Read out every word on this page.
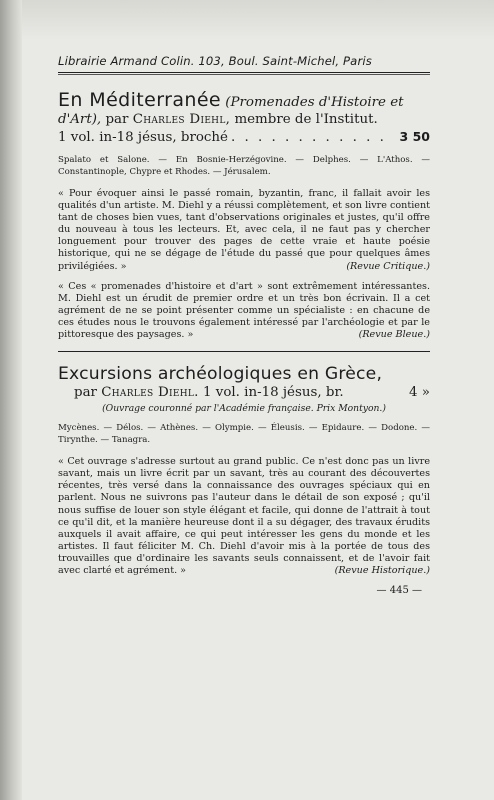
Librairie Armand Colin. 103, Boul. Saint-Michel, Paris

En Méditerranée (Promenades d'Histoire et d'Art), par Charles Diehl, membre de l'Institut.

1 vol. in-18 jésus, broché . . . . . . . . . . . .	3 50

Spalato et Salone. — En Bosnie-Herzégovine. — Delphes. — L'Athos. — Constantinople, Chypre et Rhodes. — Jérusalem.

« Pour évoquer ainsi le passé romain, byzantin, franc, il fallait avoir les qualités d'un artiste. M. Diehl y a réussi complètement, et son livre contient tant de choses bien vues, tant d'observations originales et justes, qu'il offre du nouveau à tous les lecteurs. Et, avec cela, il ne faut pas y chercher longuement pour trouver des pages de cette vraie et haute poésie historique, qui ne se dégage de l'étude du passé que pour quelques âmes privilégiées. »	(Revue Critique.)

« Ces « promenades d'histoire et d'art » sont extrêmement intéressantes. M. Diehl est un érudit de premier ordre et un très bon écrivain. Il a cet agrément de ne se point présenter comme un spécialiste : en chacune de ces études nous le trouvons également intéressé par l'archéologie et par le pittoresque des paysages. »	(Revue Bleue.)

Excursions archéologiques en Grèce,
par Charles Diehl. 1 vol. in-18 jésus, br.	4 »
(Ouvrage couronné par l'Académie française. Prix Montyon.)

Mycènes. — Délos. — Athènes. — Olympie. — Éleusis. — Epidaure. — Dodone. — Tirynthe. — Tanagra.

« Cet ouvrage s'adresse surtout au grand public. Ce n'est donc pas un livre savant, mais un livre écrit par un savant, très au courant des découvertes récentes, très versé dans la connaissance des ouvrages spéciaux qui en parlent. Nous ne suivrons pas l'auteur dans le détail de son exposé ; qu'il nous suffise de louer son style élégant et facile, qui donne de l'attrait à tout ce qu'il dit, et la manière heureuse dont il a su dégager, des travaux érudits auxquels il avait affaire, ce qui peut intéresser les gens du monde et les artistes. Il faut féliciter M. Ch. Diehl d'avoir mis à la portée de tous des trouvailles que d'ordinaire les savants seuls connaissent, et de l'avoir fait avec clarté et agrément. »	(Revue Historique.)

— 445 —
